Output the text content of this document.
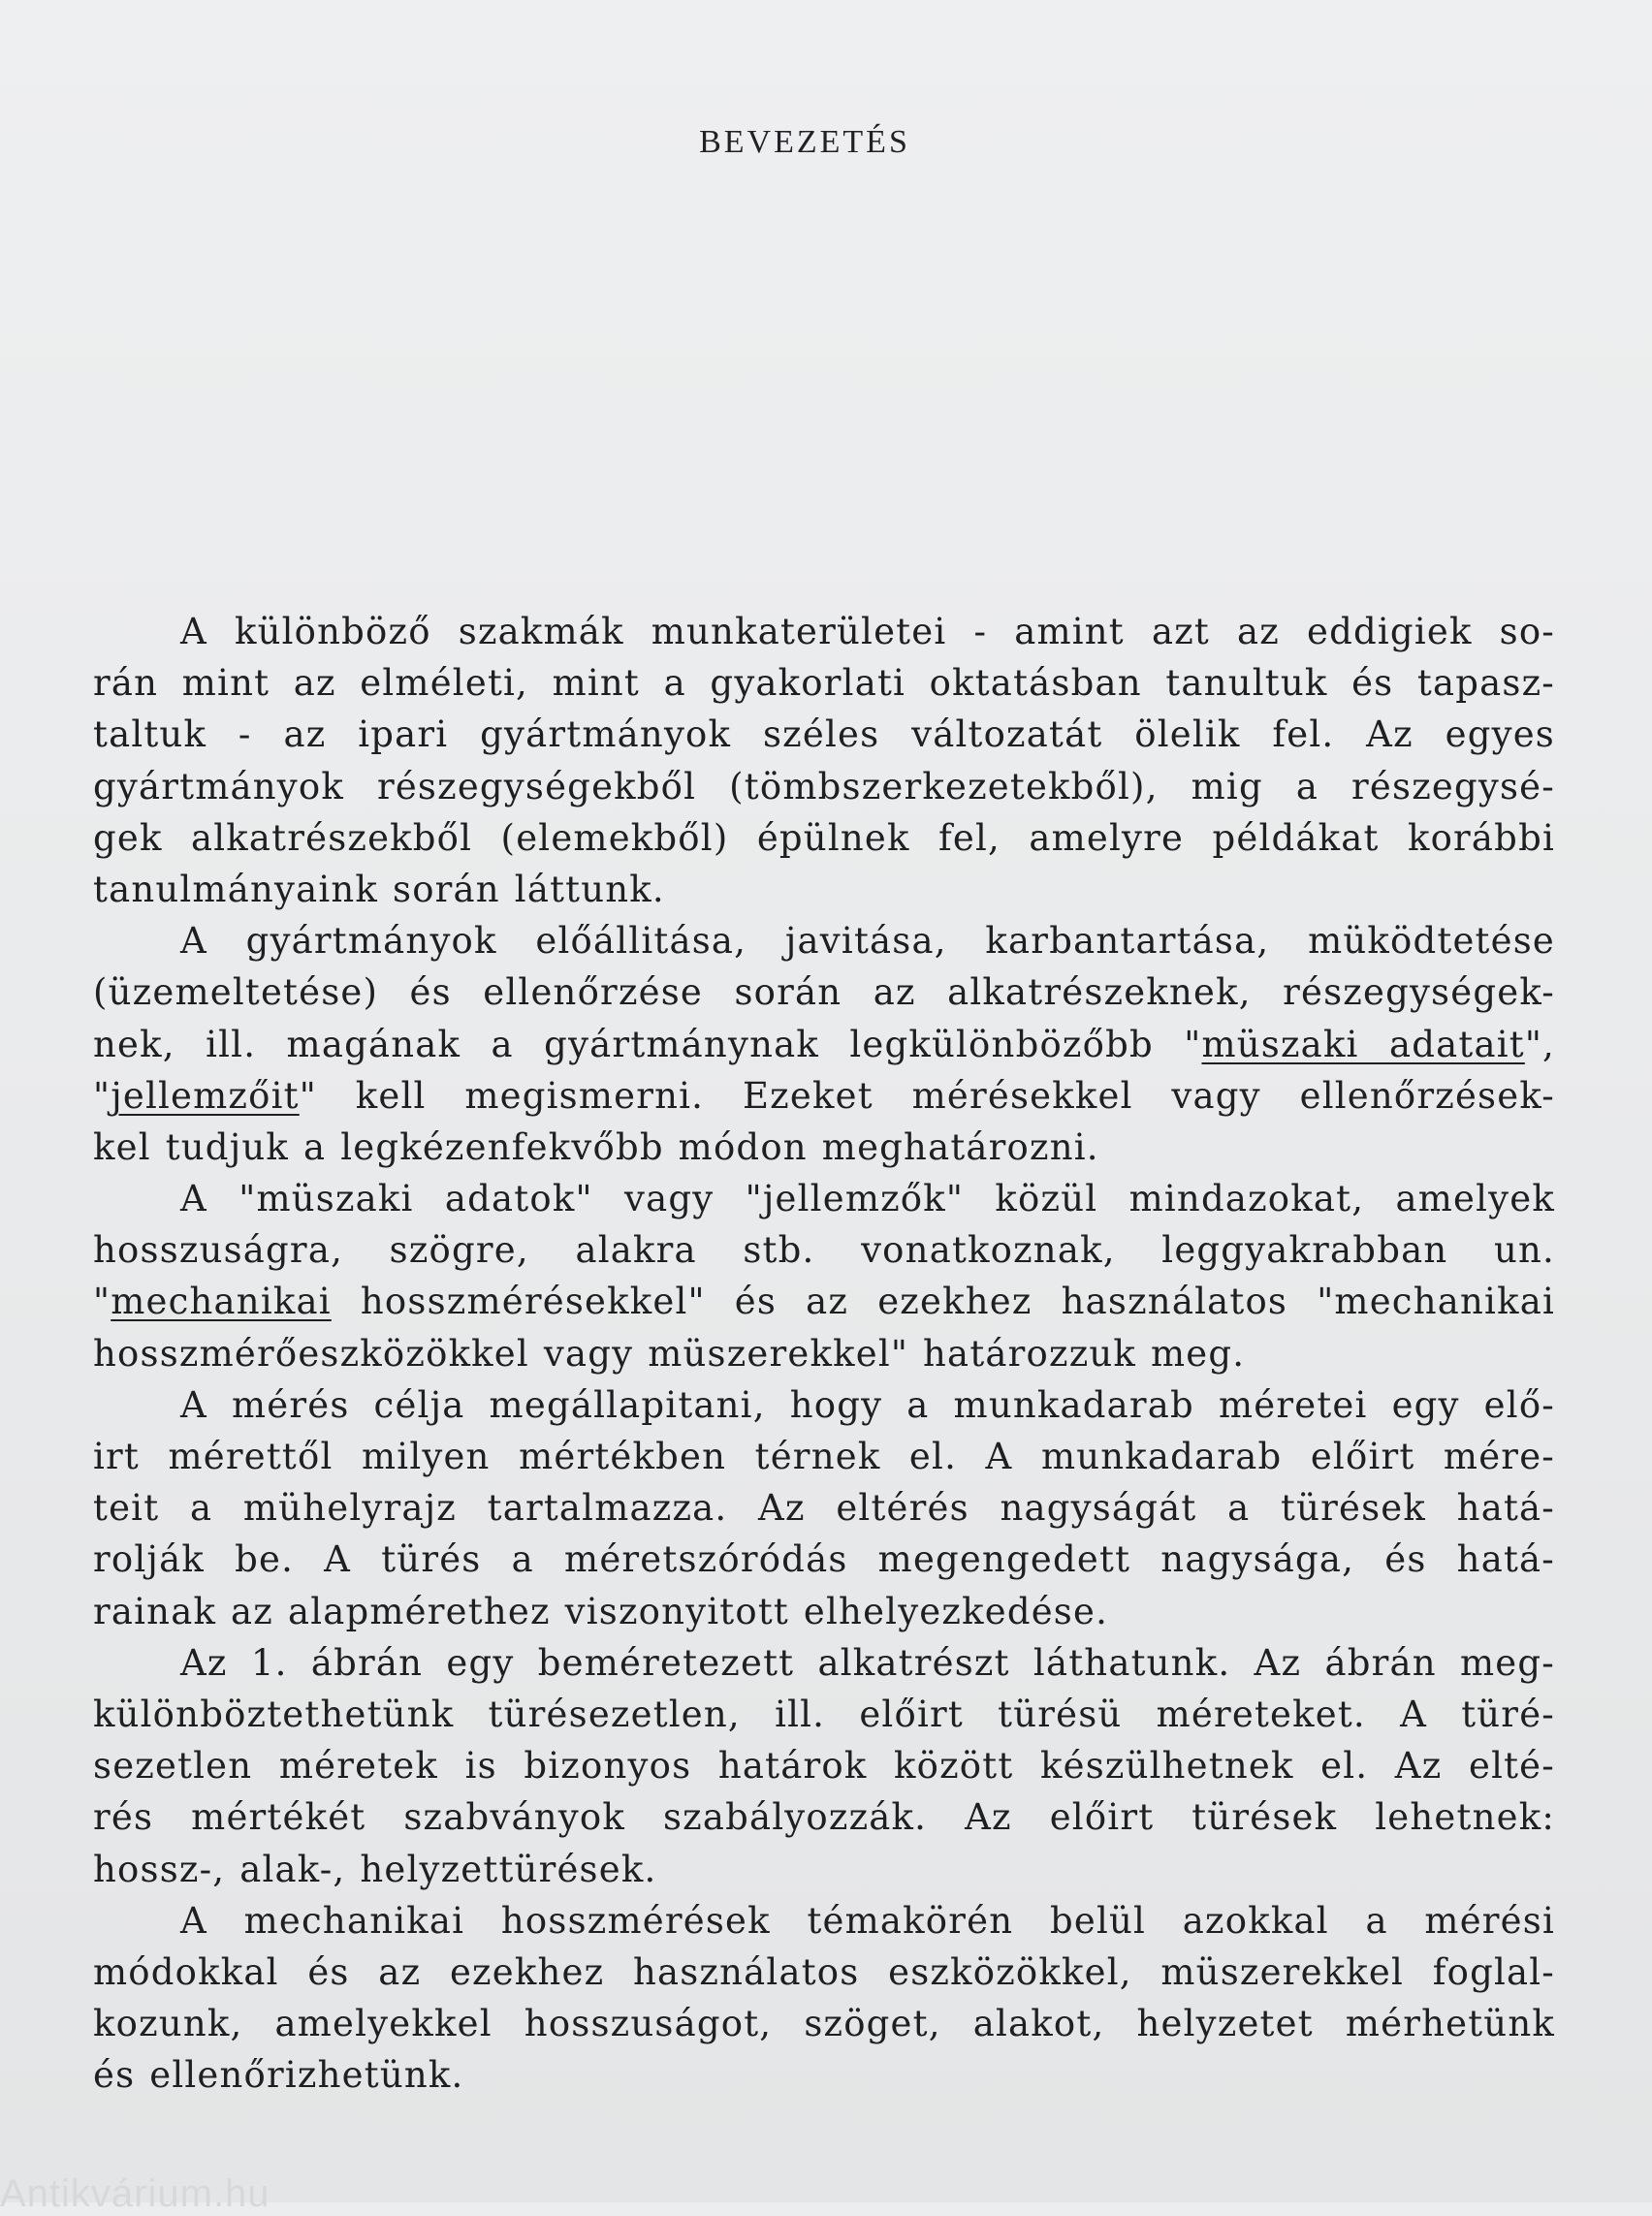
BEVEZETÉS
A különböző szakmák munkaterületei - amint azt az eddigiek so-
rán mint az elméleti, mint a gyakorlati oktatásban tanultuk és tapasz-
taltuk - az ipari gyártmányok széles változatát ölelik fel. Az egyes
gyártmányok részegységekből (tömbszerkezetekből), mig a részegysé-
gek alkatrészekből (elemekből) épülnek fel, amelyre példákat korábbi
tanulmányaink során láttunk.
A gyártmányok előállitása, javitása, karbantartása, müködtetése
(üzemeltetése) és ellenőrzése során az alkatrészeknek, részegységek-
nek, ill. magának a gyártmánynak legkülönbözőbb "müszaki adatait",
"jellemzőit" kell megismerni. Ezeket mérésekkel vagy ellenőrzések-
kel tudjuk a legkézenfekvőbb módon meghatározni.
A "müszaki adatok" vagy "jellemzők" közül mindazokat, amelyek
hosszuságra, szögre, alakra stb. vonatkoznak, leggyakrabban un.
"mechanikai hosszmérésekkel" és az ezekhez használatos "mechanikai
hosszmérőeszközökkel vagy müszerekkel" határozzuk meg.
A mérés célja megállapitani, hogy a munkadarab méretei egy elő-
irt mérettől milyen mértékben térnek el. A munkadarab előirt mére-
teit a mühelyrajz tartalmazza. Az eltérés nagyságát a türések hatá-
rolják be. A türés a méretszóródás megengedett nagysága, és hatá-
rainak az alapmérethez viszonyitott elhelyezkedése.
Az 1. ábrán egy beméretezett alkatrészt láthatunk. Az ábrán meg-
különböztethetünk türésezetlen, ill. előirt türésü méreteket. A türé-
sezetlen méretek is bizonyos határok között készülhetnek el. Az elté-
rés mértékét szabványok szabályozzák. Az előirt türések lehetnek:
hossz-, alak-, helyzettürések.
A mechanikai hosszmérések témakörén belül azokkal a mérési
módokkal és az ezekhez használatos eszközökkel, müszerekkel foglal-
kozunk, amelyekkel hosszuságot, szöget, alakot, helyzetet mérhetünk
és ellenőrizhetünk.
Antikvárium.hu
